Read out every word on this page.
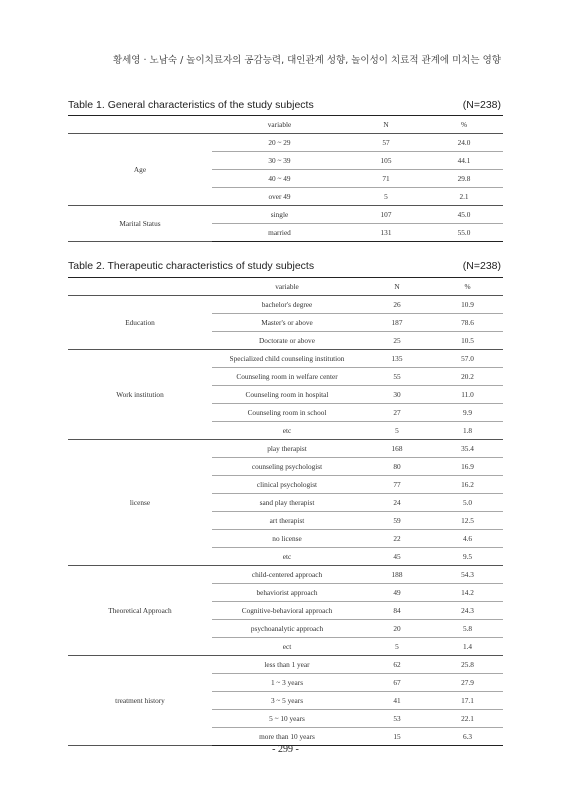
황세영 · 노남숙 / 놀이치료자의 공감능력, 대인관계 성향, 놀이성이 치료적 관계에 미치는 영향
Table 1. General characteristics of the study subjects	(N=238)
	variable	N	%
Age	20 ~ 29	57	24.0
	30 ~ 39	105	44.1
	40 ~ 49	71	29.8
	over 49	5	2.1
Marital Status	single	107	45.0
	married	131	55.0
Table 2. Therapeutic characteristics of study subjects	(N=238)
	variable	N	%
Education	bachelor's degree	26	10.9
	Master's or above	187	78.6
	Doctorate or above	25	10.5
Work institution	Specialized child counseling institution	135	57.0
	Counseling room in welfare center	55	20.2
	Counseling room in hospital	30	11.0
	Counseling room in school	27	9.9
	etc	5	1.8
license	play therapist	168	35.4
	counseling psychologist	80	16.9
	clinical psychologist	77	16.2
	sand play therapist	24	5.0
	art therapist	59	12.5
	no license	22	4.6
	etc	45	9.5
Theoretical Approach	child-centered approach	188	54.3
	behaviorist approach	49	14.2
	Cognitive-behavioral approach	84	24.3
	psychoanalytic approach	20	5.8
	ect	5	1.4
treatment history	less than 1 year	62	25.8
	1 ~ 3 years	67	27.9
	3 ~ 5 years	41	17.1
	5 ~ 10 years	53	22.1
	more than 10 years	15	6.3
- 299 -
